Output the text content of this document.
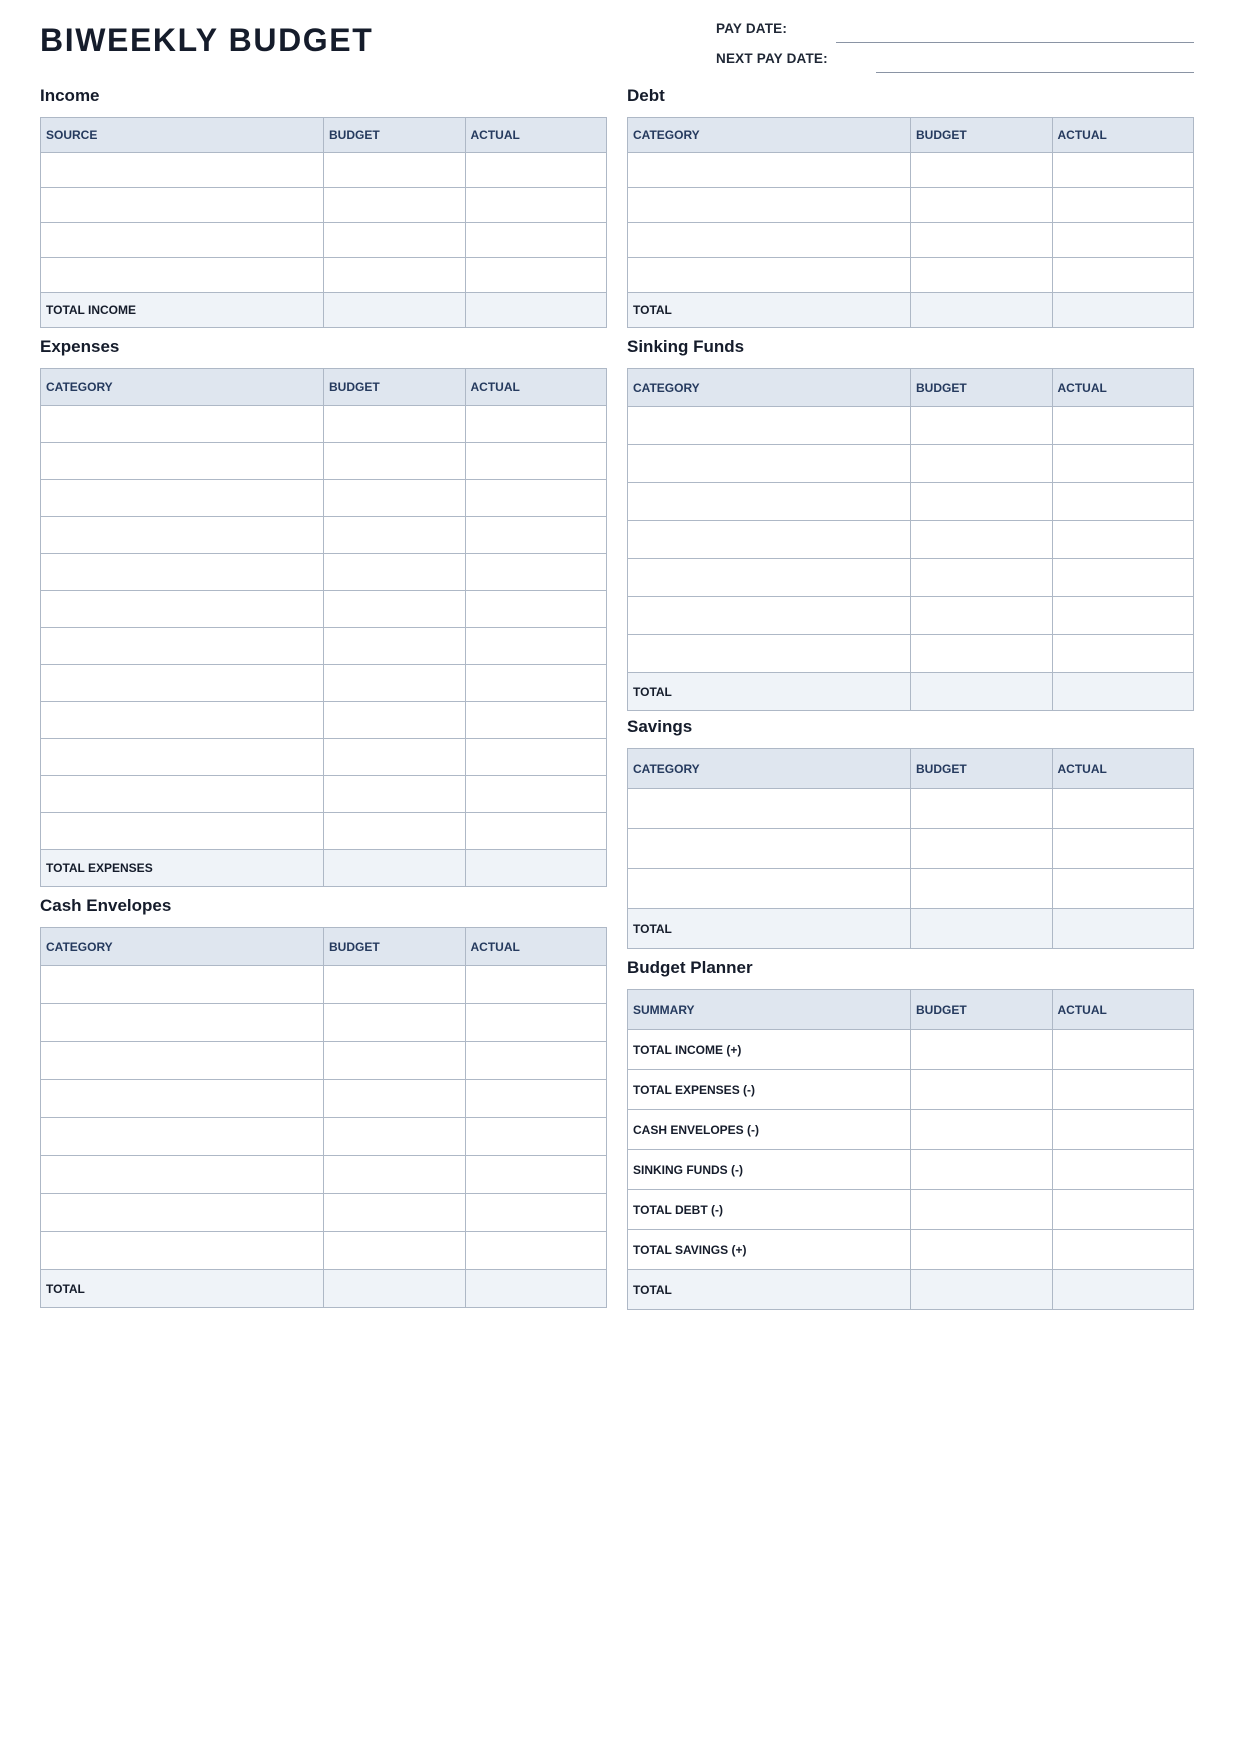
BIWEEKLY BUDGET	PAY DATE:
NEXT PAY DATE:
Income
SOURCE	BUDGET	ACTUAL

TOTAL INCOME		
Debt
CATEGORY	BUDGET	ACTUAL

TOTAL		
Expenses
CATEGORY	BUDGET	ACTUAL

TOTAL EXPENSES		
Sinking Funds
CATEGORY	BUDGET	ACTUAL

TOTAL		
Savings
CATEGORY	BUDGET	ACTUAL

TOTAL		
Cash Envelopes
CATEGORY	BUDGET	ACTUAL

TOTAL		
Budget Planner
SUMMARY	BUDGET	ACTUAL
TOTAL INCOME (+)		
TOTAL EXPENSES (-)		
CASH ENVELOPES (-)		
SINKING FUNDS (-)		
TOTAL DEBT (-)		
TOTAL SAVINGS (+)		
TOTAL		
